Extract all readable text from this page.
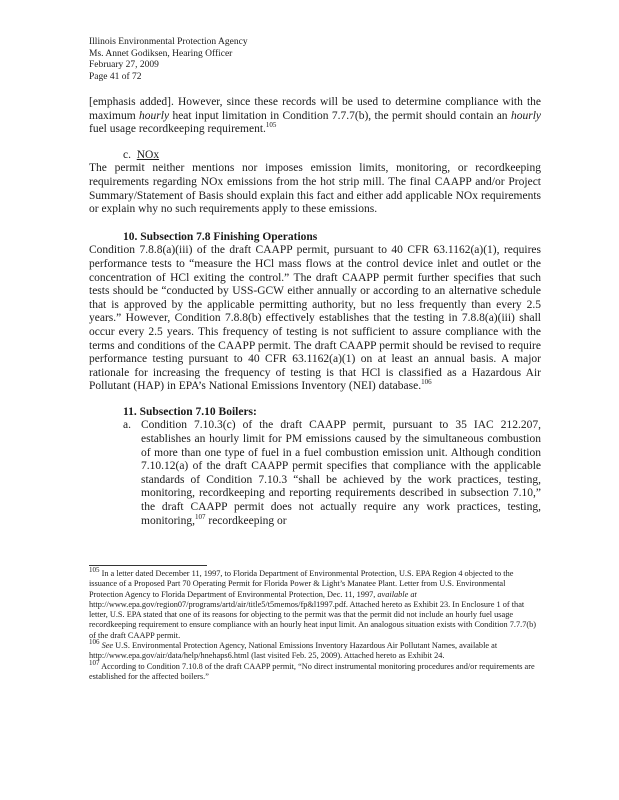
Illinois Environmental Protection Agency
Ms. Annet Godiksen, Hearing Officer
February 27, 2009
Page 41 of 72

[emphasis added]. However, since these records will be used to determine compliance with the maximum hourly heat input limitation in Condition 7.7.7(b), the permit should contain an hourly fuel usage recordkeeping requirement.$^{105}$

c. NOx

The permit neither mentions nor imposes emission limits, monitoring, or recordkeeping requirements regarding NOx emissions from the hot strip mill. The final CAAPP and/or Project Summary/Statement of Basis should explain this fact and either add applicable NOx requirements or explain why no such requirements apply to these emissions.

10. Subsection 7.8 Finishing Operations

Condition 7.8.8(a)(iii) of the draft CAAPP permit, pursuant to 40 CFR 63.1162(a)(1), requires performance tests to “measure the HCl mass flows at the control device inlet and outlet or the concentration of HCl exiting the control.” The draft CAAPP permit further specifies that such tests should be “conducted by USS-GCW either annually or according to an alternative schedule that is approved by the applicable permitting authority, but no less frequently than every 2.5 years.” However, Condition 7.8.8(b) effectively establishes that the testing in 7.8.8(a)(iii) shall occur every 2.5 years. This frequency of testing is not sufficient to assure compliance with the terms and conditions of the CAAPP permit. The draft CAAPP permit should be revised to require performance testing pursuant to 40 CFR 63.1162(a)(1) on at least an annual basis. A major rationale for increasing the frequency of testing is that HCl is classified as a Hazardous Air Pollutant (HAP) in EPA’s National Emissions Inventory (NEI) database.$^{106}$

11. Subsection 7.10 Boilers:

a. Condition 7.10.3(c) of the draft CAAPP permit, pursuant to 35 IAC 212.207, establishes an hourly limit for PM emissions caused by the simultaneous combustion of more than one type of fuel in a fuel combustion emission unit. Although condition 7.10.12(a) of the draft CAAPP permit specifies that compliance with the applicable standards of Condition 7.10.3 “shall be achieved by the work practices, testing, monitoring, recordkeeping and reporting requirements described in subsection 7.10,” the draft CAAPP permit does not actually require any work practices, testing, monitoring,$^{107}$ recordkeeping or

$^{105}$ In a letter dated December 11, 1997, to Florida Department of Environmental Protection, U.S. EPA Region 4 objected to the issuance of a Proposed Part 70 Operating Permit for Florida Power & Light’s Manatee Plant. Letter from U.S. Environmental Protection Agency to Florida Department of Environmental Protection, Dec. 11, 1997, available at http://www.epa.gov/region07/programs/artd/air/title5/t5memos/fp&l1997.pdf. Attached hereto as Exhibit 23. In Enclosure 1 of that letter, U.S. EPA stated that one of its reasons for objecting to the permit was that the permit did not include an hourly fuel usage recordkeeping requirement to ensure compliance with an hourly heat input limit. An analogous situation exists with Condition 7.7.7(b) of the draft CAAPP permit.

$^{106}$ See U.S. Environmental Protection Agency, National Emissions Inventory Hazardous Air Pollutant Names, available at http://www.epa.gov/air/data/help/hnehaps6.html (last visited Feb. 25, 2009). Attached hereto as Exhibit 24.

$^{107}$ According to Condition 7.10.8 of the draft CAAPP permit, “No direct instrumental monitoring procedures and/or requirements are established for the affected boilers.”
